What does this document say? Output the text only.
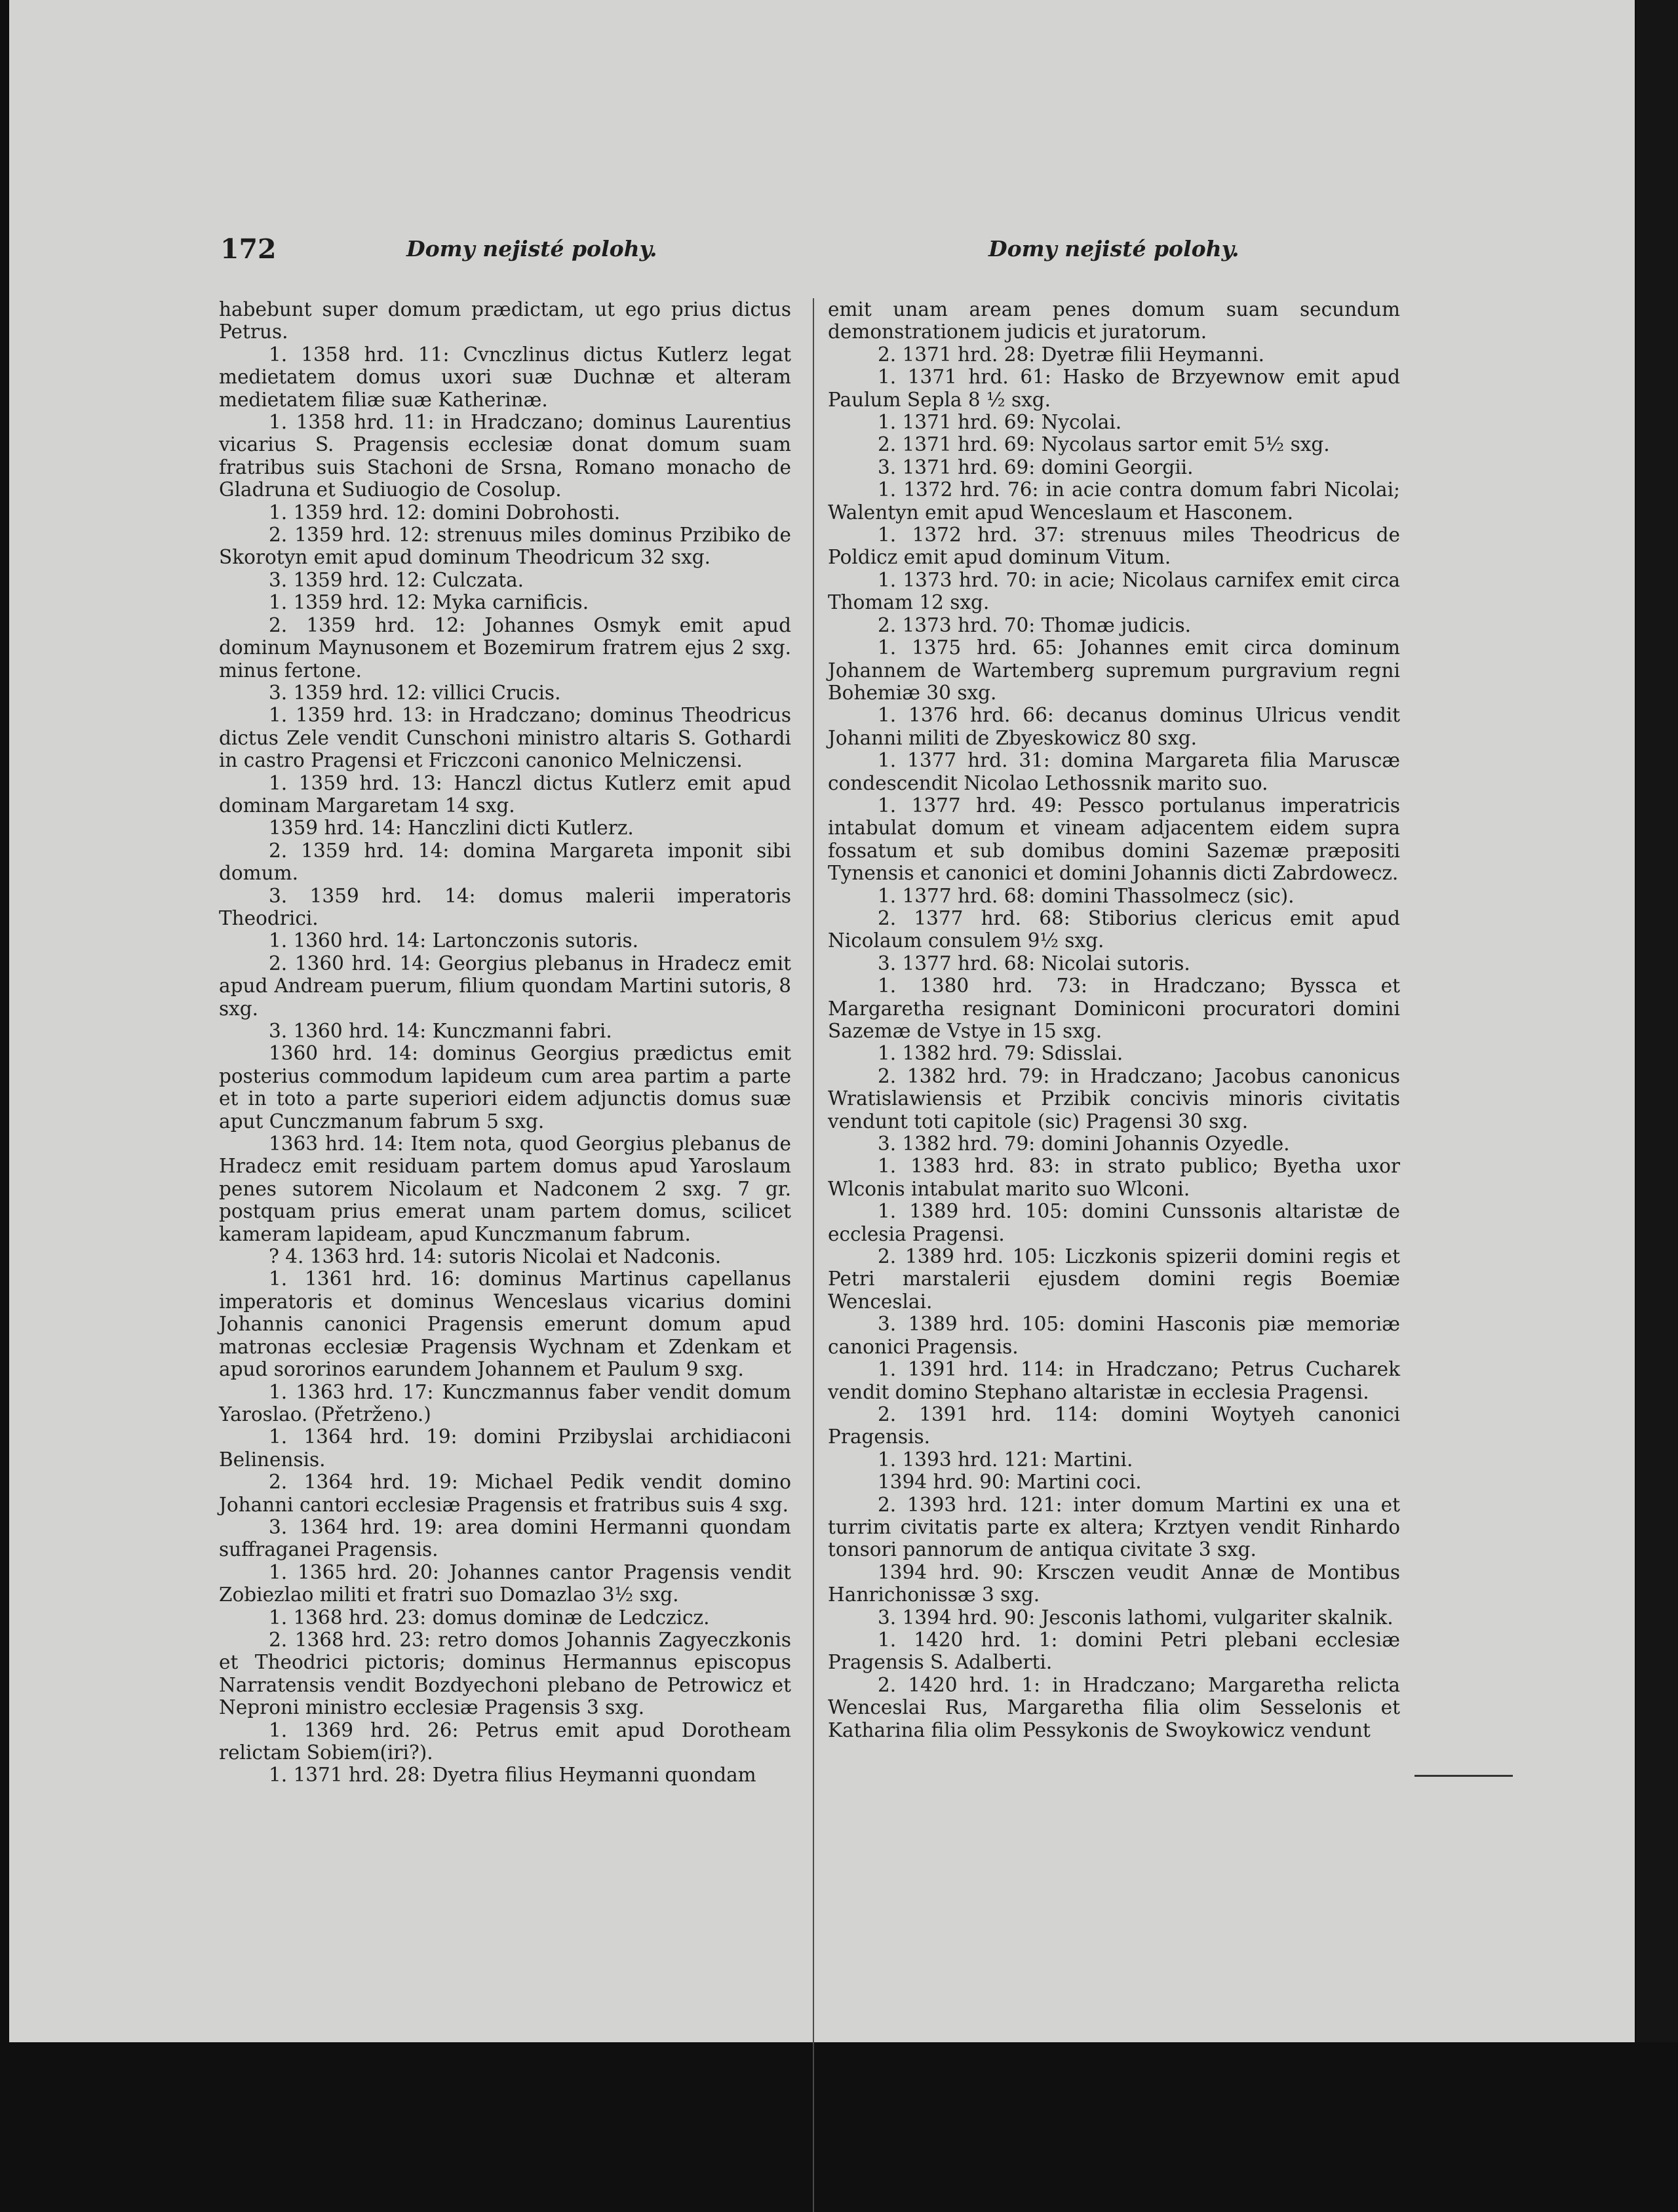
172	Domy nejisté polohy.	Domy nejisté polohy.

habebunt super domum prædictam, ut ego prius dictus Petrus.

1. 1358 hrd. 11: Cvnczlinus dictus Kutlerz legat medietatem domus uxori suæ Duchnæ et alteram medietatem filiæ suæ Katherinæ.

1. 1358 hrd. 11: in Hradczano; dominus Laurentius vicarius S. Pragensis ecclesiæ donat domum suam fratribus suis Stachoni de Srsna, Romano monacho de Gladruna et Sudiuogio de Cosolup.

1. 1359 hrd. 12: domini Dobrohosti.

2. 1359 hrd. 12: strenuus miles dominus Przibiko de Skorotyn emit apud dominum Theodricum 32 sxg.

3. 1359 hrd. 12: Culczata.

1. 1359 hrd. 12: Myka carnificis.

2. 1359 hrd. 12: Johannes Osmyk emit apud dominum Maynusonem et Bozemirum fratrem ejus 2 sxg. minus fertone.

3. 1359 hrd. 12: villici Crucis.

1. 1359 hrd. 13: in Hradczano; dominus Theodricus dictus Zele vendit Cunschoni ministro altaris S. Gothardi in castro Pragensi et Friczconi canonico Melniczensi.

1. 1359 hrd. 13: Hanczl dictus Kutlerz emit apud dominam Margaretam 14 sxg.

1359 hrd. 14: Hanczlini dicti Kutlerz.

2. 1359 hrd. 14: domina Margareta imponit sibi domum.

3. 1359 hrd. 14: domus malerii imperatoris Theodrici.

1. 1360 hrd. 14: Lartonczonis sutoris.

2. 1360 hrd. 14: Georgius plebanus in Hradecz emit apud Andream puerum, filium quondam Martini sutoris, 8 sxg.

3. 1360 hrd. 14: Kunczmanni fabri.

1360 hrd. 14: dominus Georgius prædictus emit posterius commodum lapideum cum area partim a parte et in toto a parte superiori eidem adjunctis domus suæ aput Cunczmanum fabrum 5 sxg.

1363 hrd. 14: Item nota, quod Georgius plebanus de Hradecz emit residuam partem domus apud Yaroslaum penes sutorem Nicolaum et Nadconem 2 sxg. 7 gr. postquam prius emerat unam partem domus, scilicet kameram lapideam, apud Kunczmanum fabrum.

? 4. 1363 hrd. 14: sutoris Nicolai et Nadconis.

1. 1361 hrd. 16: dominus Martinus capellanus imperatoris et dominus Wenceslaus vicarius domini Johannis canonici Pragensis emerunt domum apud matronas ecclesiæ Pragensis Wychnam et Zdenkam et apud sororinos earundem Johannem et Paulum 9 sxg.

1. 1363 hrd. 17: Kunczmannus faber vendit domum Yaroslao. (Přetrženo.)

1. 1364 hrd. 19: domini Przibyslai archidiaconi Belinensis.

2. 1364 hrd. 19: Michael Pedik vendit domino Johanni cantori ecclesiæ Pragensis et fratribus suis 4 sxg.

3. 1364 hrd. 19: area domini Hermanni quondam suffraganei Pragensis.

1. 1365 hrd. 20: Johannes cantor Pragensis vendit Zobiezlao militi et fratri suo Domazlao 3½ sxg.

1. 1368 hrd. 23: domus dominæ de Ledczicz.

2. 1368 hrd. 23: retro domos Johannis Zagyeczkonis et Theodrici pictoris; dominus Hermannus episcopus Narratensis vendit Bozdyechoni plebano de Petrowicz et Neproni ministro ecclesiæ Pragensis 3 sxg.

1. 1369 hrd. 26: Petrus emit apud Dorotheam relictam Sobiem(iri?).

1. 1371 hrd. 28: Dyetra filius Heymanni quondam

emit unam aream penes domum suam secundum demonstrationem judicis et juratorum.

2. 1371 hrd. 28: Dyetræ filii Heymanni.

1. 1371 hrd. 61: Hasko de Brzyewnow emit apud Paulum Sepla 8 ½ sxg.

1. 1371 hrd. 69: Nycolai.

2. 1371 hrd. 69: Nycolaus sartor emit 5½ sxg.

3. 1371 hrd. 69: domini Georgii.

1. 1372 hrd. 76: in acie contra domum fabri Nicolai; Walentyn emit apud Wenceslaum et Hasconem.

1. 1372 hrd. 37: strenuus miles Theodricus de Poldicz emit apud dominum Vitum.

1. 1373 hrd. 70: in acie; Nicolaus carnifex emit circa Thomam 12 sxg.

2. 1373 hrd. 70: Thomæ judicis.

1. 1375 hrd. 65: Johannes emit circa dominum Johannem de Wartemberg supremum purgravium regni Bohemiæ 30 sxg.

1. 1376 hrd. 66: decanus dominus Ulricus vendit Johanni militi de Zbyeskowicz 80 sxg.

1. 1377 hrd. 31: domina Margareta filia Maruscæ condescendit Nicolao Lethossnik marito suo.

1. 1377 hrd. 49: Pessco portulanus imperatricis intabulat domum et vineam adjacentem eidem supra fossatum et sub domibus domini Sazemæ præpositi Tynensis et canonici et domini Johannis dicti Zabrdowecz.

1. 1377 hrd. 68: domini Thassolmecz (sic).

2. 1377 hrd. 68: Stiborius clericus emit apud Nicolaum consulem 9½ sxg.

3. 1377 hrd. 68: Nicolai sutoris.

1. 1380 hrd. 73: in Hradczano; Byssca et Margaretha resignant Dominiconi procuratori domini Sazemæ de Vstye in 15 sxg.

1. 1382 hrd. 79: Sdisslai.

2. 1382 hrd. 79: in Hradczano; Jacobus canonicus Wratislawiensis et Przibik concivis minoris civitatis vendunt toti capitole (sic) Pragensi 30 sxg.

3. 1382 hrd. 79: domini Johannis Ozyedle.

1. 1383 hrd. 83: in strato publico; Byetha uxor Wlconis intabulat marito suo Wlconi.

1. 1389 hrd. 105: domini Cunssonis altaristæ de ecclesia Pragensi.

2. 1389 hrd. 105: Liczkonis spizerii domini regis et Petri marstalerii ejusdem domini regis Boemiæ Wenceslai.

3. 1389 hrd. 105: domini Hasconis piæ memoriæ canonici Pragensis.

1. 1391 hrd. 114: in Hradczano; Petrus Cucharek vendit domino Stephano altaristæ in ecclesia Pragensi.

2. 1391 hrd. 114: domini Woytyeh canonici Pragensis.

1. 1393 hrd. 121: Martini.

1394 hrd. 90: Martini coci.

2. 1393 hrd. 121: inter domum Martini ex una et turrim civitatis parte ex altera; Krztyen vendit Rinhardo tonsori pannorum de antiqua civitate 3 sxg.

1394 hrd. 90: Krsczen veudit Annæ de Montibus Hanrichonissæ 3 sxg.

3. 1394 hrd. 90: Jesconis lathomi, vulgariter skalnik.

1. 1420 hrd. 1: domini Petri plebani ecclesiæ Pragensis S. Adalberti.

2. 1420 hrd. 1: in Hradczano; Margaretha relicta Wenceslai Rus, Margaretha filia olim Sesselonis et Katharina filia olim Pessykonis de Swoykowicz vendunt
